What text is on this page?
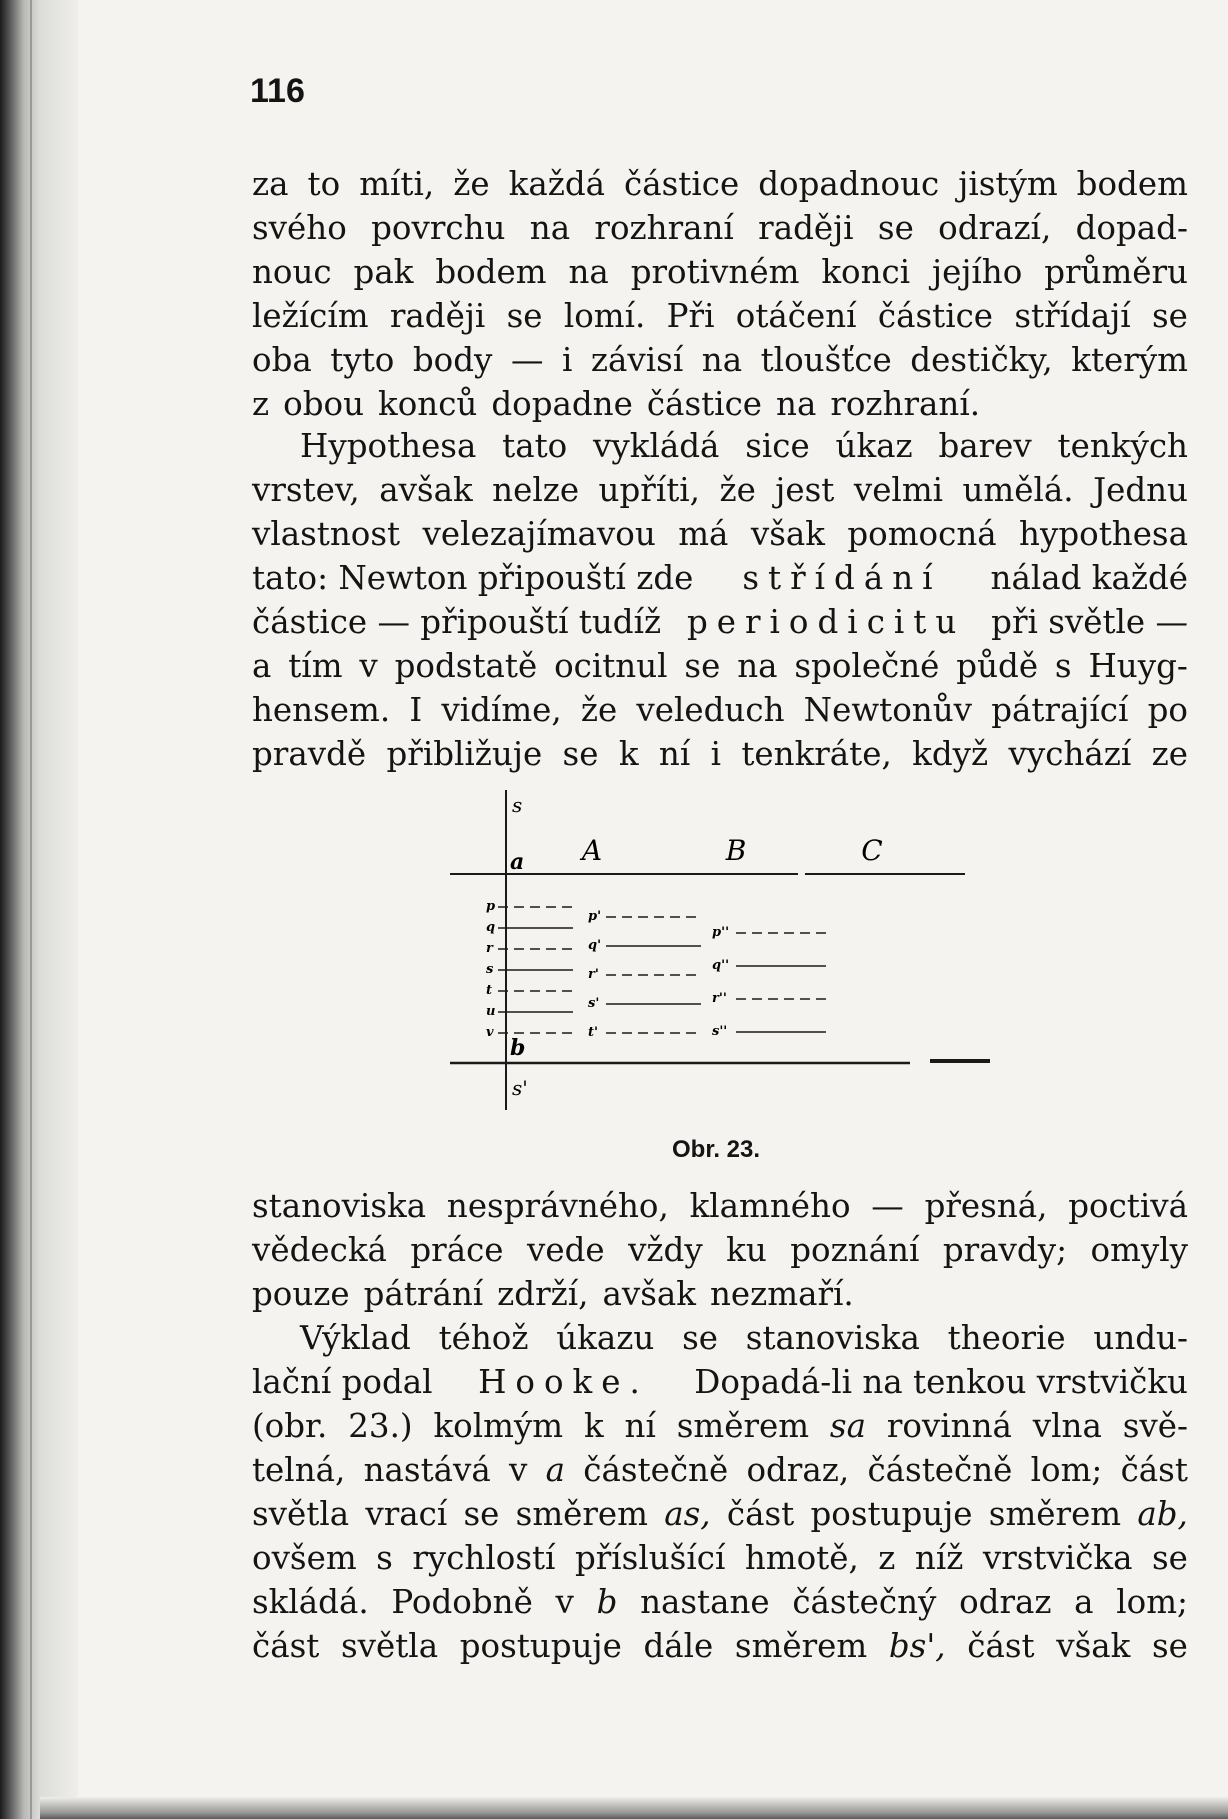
116
za to míti, že každá částice dopadnouc jistým bodem
svého povrchu na rozhraní raději se odrazí, dopad-
nouc pak bodem na protivném konci jejího průměru
ležícím raději se lomí. Při otáčení částice střídají se
oba tyto body — i závisí na tloušťce destičky, kterým
z obou konců dopadne částice na rozhraní.
Hypothesa tato vykládá sice úkaz barev tenkých
vrstev, avšak nelze upříti, že jest velmi umělá. Jednu
vlastnost velezajímavou má však pomocná hypothesa
tato: Newton připouští zde střídání nálad každé
částice — připouští tudíž periodicitu při světle —
a tím v podstatě ocitnul se na společné půdě s Huyg-
hensem. I vidíme, že veleduch Newtonův pátrající po
pravdě přibližuje se k ní i tenkráte, když vychází ze
s
a
b
s'
A	B	C
p
q
r
s
t
u
v
p'
q'
r'
s'
t'
p''
q''
r''
s''
Obr. 23.
stanoviska nesprávného, klamného — přesná, poctivá
vědecká práce vede vždy ku poznání pravdy; omyly
pouze pátrání zdrží, avšak nezmaří.
Výklad téhož úkazu se stanoviska theorie undu-
lační podal Hooke. Dopadá-li na tenkou vrstvičku
(obr. 23.) kolmým k ní směrem sa rovinná vlna svě-
telná, nastává v a částečně odraz, částečně lom; část
světla vrací se směrem as, část postupuje směrem ab,
ovšem s rychlostí příslušící hmotě, z níž vrstvička se
skládá. Podobně v b nastane částečný odraz a lom;
část světla postupuje dále směrem bs', část však se
